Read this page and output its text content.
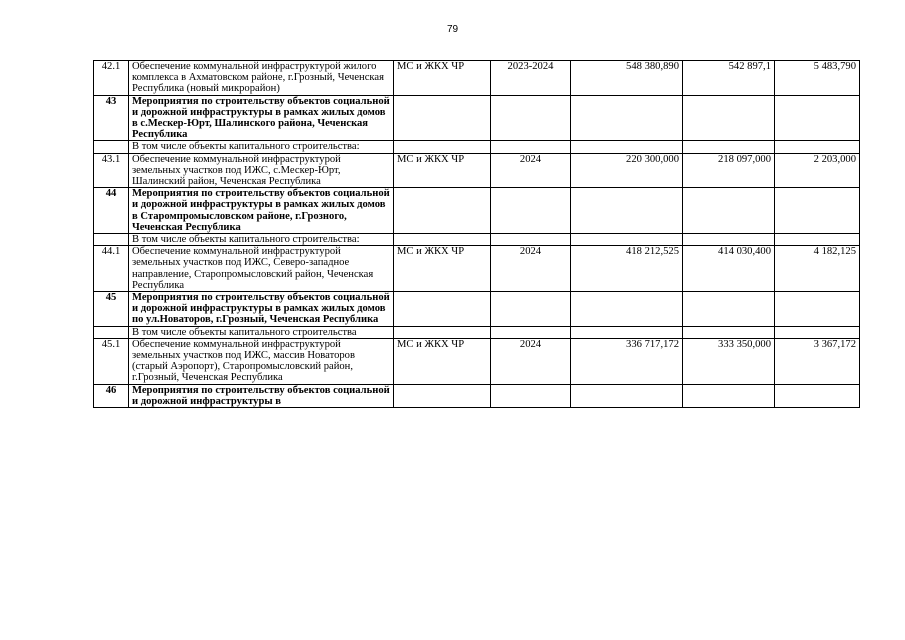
79
42.1	Обеспечение коммунальной инфраструктурой жилого комплекса в Ахматовском районе, г.Грозный, Чеченская Республика (новый микрорайон)	МС и ЖКХ ЧР	2023-2024	548 380,890	542 897,1	5 483,790
43	Мероприятия по строительству объектов социальной и дорожной инфраструктуры в рамках жилых домов в с.Мескер-Юрт, Шалинского района, Чеченская Республика					
	В том числе объекты капитального строительства:					
43.1	Обеспечение коммунальной инфраструктурой земельных участков под ИЖС, с.Мескер-Юрт, Шалинский район, Чеченская Республика	МС и ЖКХ ЧР	2024	220 300,000	218 097,000	2 203,000
44	Мероприятия по строительству объектов социальной и дорожной инфраструктуры в рамках жилых домов в Старомпромысловском районе, г.Грозного, Чеченская Республика					
	В том числе объекты капитального строительства:					
44.1	Обеспечение коммунальной инфраструктурой земельных участков под ИЖС, Северо-западное направление, Старопромысловский район, Чеченская Республика	МС и ЖКХ ЧР	2024	418 212,525	414 030,400	4 182,125
45	Мероприятия по строительству объектов социальной и дорожной инфраструктуры в рамках жилых домов по ул.Новаторов, г.Грозный, Чеченская Республика					
	В том числе объекты капитального строительства					
45.1	Обеспечение коммунальной инфраструктурой земельных участков под ИЖС, массив Новаторов (старый Аэропорт), Старопромысловский район, г.Грозный, Чеченская Республика	МС и ЖКХ ЧР	2024	336 717,172	333 350,000	3 367,172
46	Мероприятия по строительству объектов социальной и дорожной инфраструктуры в					
